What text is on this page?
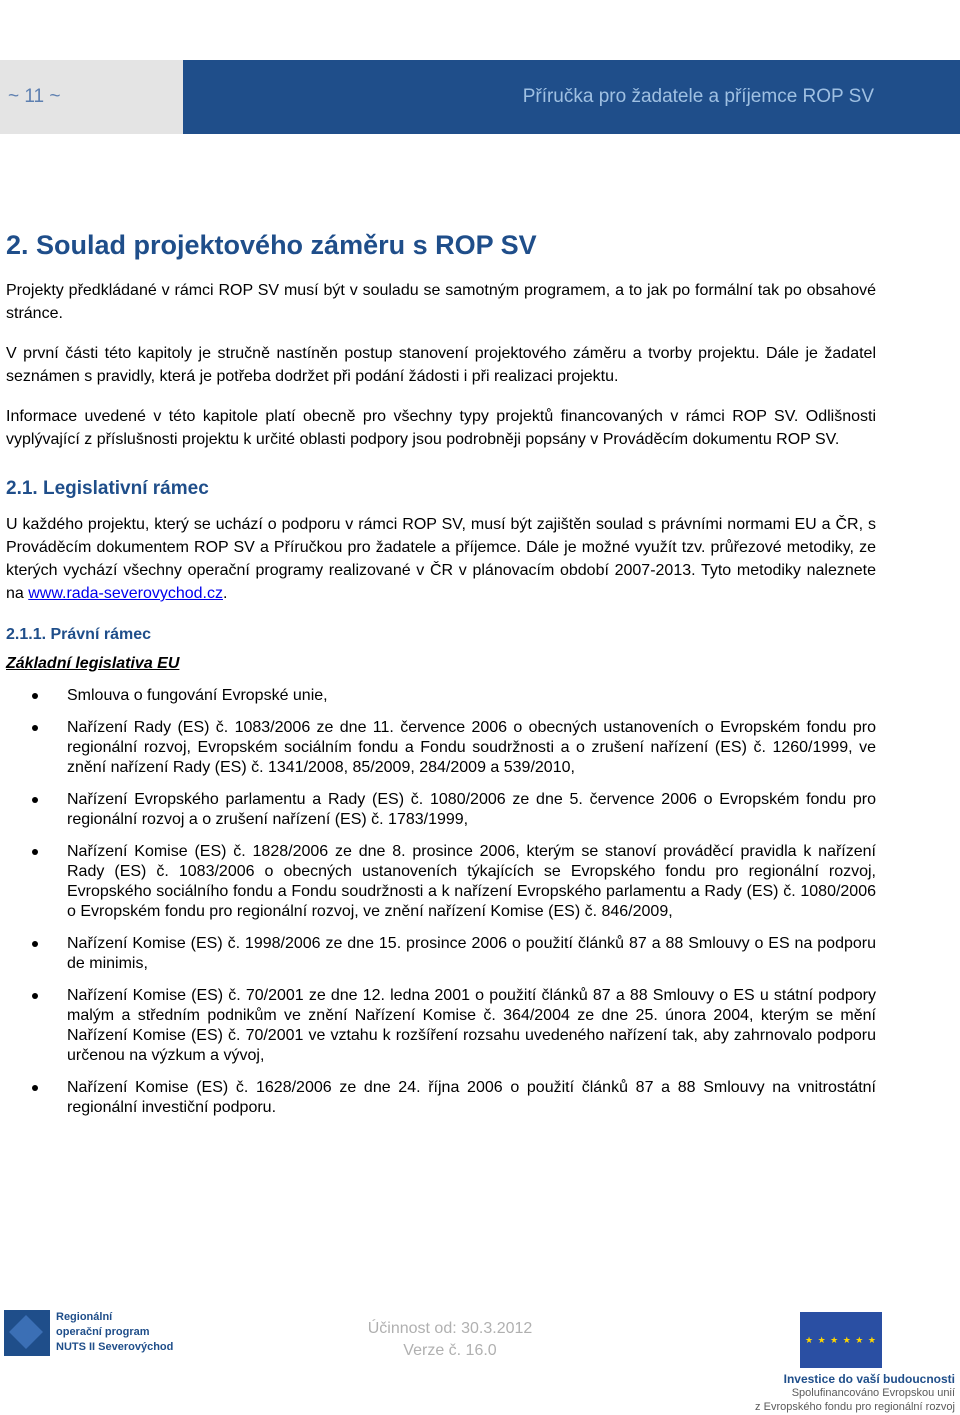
~ 11 ~	Příručka pro žadatele a příjemce ROP SV
2. Soulad projektového záměru s ROP SV

Projekty předkládané v rámci ROP SV musí být v souladu se samotným programem, a to jak po formální tak po obsahové stránce.

V první části této kapitoly je stručně nastíněn postup stanovení projektového záměru a tvorby projektu. Dále je žadatel seznámen s pravidly, která je potřeba dodržet při podání žádosti i při realizaci projektu.

Informace uvedené v této kapitole platí obecně pro všechny typy projektů financovaných v rámci ROP SV. Odlišnosti vyplývající z příslušnosti projektu k určité oblasti podpory jsou podrobněji popsány v Prováděcím dokumentu ROP SV.

2.1. Legislativní rámec

U každého projektu, který se uchází o podporu v rámci ROP SV, musí být zajištěn soulad s právními normami EU a ČR, s Prováděcím dokumentem ROP SV a Příručkou pro žadatele a příjemce. Dále je možné využít tzv. průřezové metodiky, ze kterých vychází všechny operační programy realizované v ČR v plánovacím období 2007-2013. Tyto metodiky naleznete na www.rada-severovychod.cz.

2.1.1. Právní rámec
Základní legislativa EU
Smlouva o fungování Evropské unie,
Nařízení Rady (ES) č. 1083/2006 ze dne 11. července 2006 o obecných ustanoveních o Evropském fondu pro regionální rozvoj, Evropském sociálním fondu a Fondu soudržnosti a o zrušení nařízení (ES) č. 1260/1999, ve znění nařízení Rady (ES) č. 1341/2008, 85/2009, 284/2009 a 539/2010,
Nařízení Evropského parlamentu a Rady (ES) č. 1080/2006 ze dne 5. července 2006 o Evropském fondu pro regionální rozvoj a o zrušení nařízení (ES) č. 1783/1999,
Nařízení Komise (ES) č. 1828/2006 ze dne 8. prosince 2006, kterým se stanoví prováděcí pravidla k nařízení Rady (ES) č. 1083/2006 o obecných ustanoveních týkajících se Evropského fondu pro regionální rozvoj, Evropského sociálního fondu a Fondu soudržnosti a k nařízení Evropského parlamentu a Rady (ES) č. 1080/2006 o Evropském fondu pro regionální rozvoj, ve znění nařízení Komise (ES) č. 846/2009,
Nařízení Komise (ES) č. 1998/2006 ze dne 15. prosince 2006 o použití článků 87 a 88 Smlouvy o ES na podporu de minimis,
Nařízení Komise (ES) č. 70/2001 ze dne 12. ledna 2001 o použití článků 87 a 88 Smlouvy o ES u státní podpory malým a středním podnikům ve znění Nařízení Komise č. 364/2004 ze dne 25. února 2004, kterým se mění Nařízení Komise (ES) č. 70/2001 ve vztahu k rozšíření rozsahu uvedeného nařízení tak, aby zahrnovalo podporu určenou na výzkum a vývoj,
Nařízení Komise (ES) č. 1628/2006 ze dne 24. října 2006 o použití článků 87 a 88 Smlouvy na vnitrostátní regionální investiční podporu.
Regionální
operační program
NUTS II Severovýchod
Účinnost od: 30.3.2012
Verze č. 16.0
★ ★ ★ ★ ★ ★
Investice do vaší budoucnosti
Spolufinancováno Evropskou unií
z Evropského fondu pro regionální rozvoj
